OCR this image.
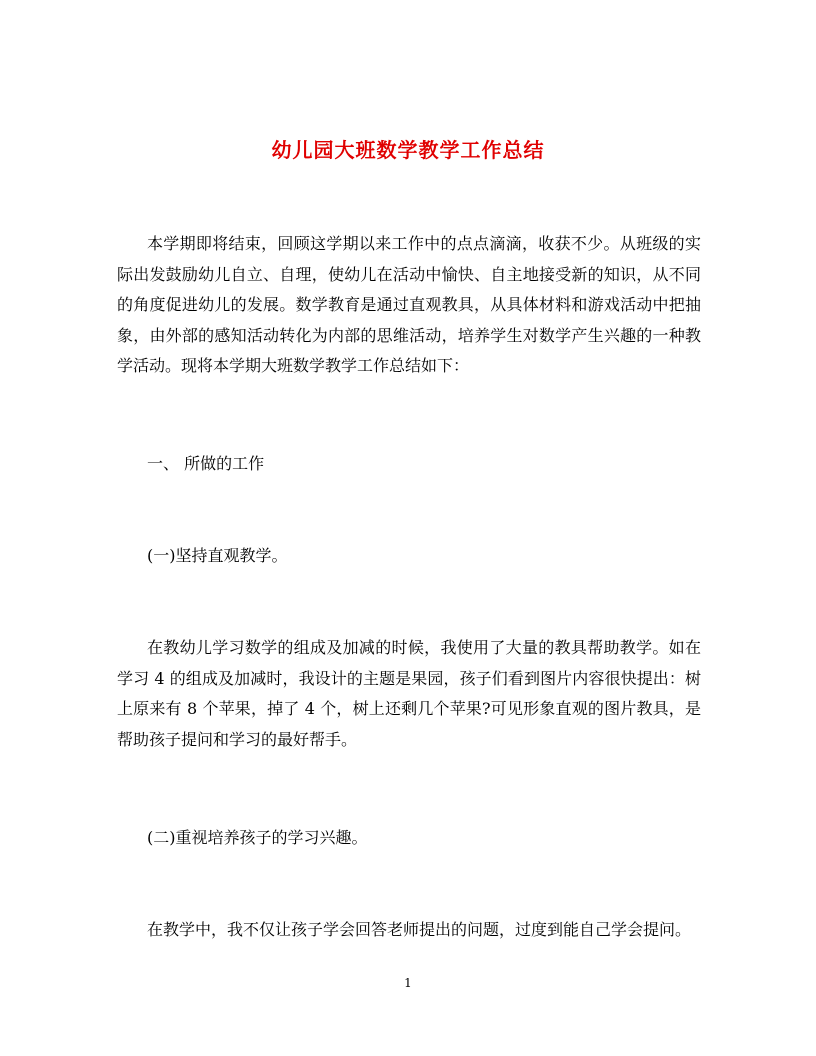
幼儿园大班数学教学工作总结

本学期即将结束，回顾这学期以来工作中的点点滴滴，收获不少。从班级的实际出发鼓励幼儿自立、自理，使幼儿在活动中愉快、自主地接受新的知识，从不同的角度促进幼儿的发展。数学教育是通过直观教具，从具体材料和游戏活动中把抽象，由外部的感知活动转化为内部的思维活动，培养学生对数学产生兴趣的一种教学活动。现将本学期大班数学教学工作总结如下：

一、 所做的工作

(一)坚持直观教学。

在教幼儿学习数学的组成及加减的时候，我使用了大量的教具帮助教学。如在学习 4 的组成及加减时，我设计的主题是果园，孩子们看到图片内容很快提出：树上原来有 8 个苹果，掉了 4 个，树上还剩几个苹果?可见形象直观的图片教具，是帮助孩子提问和学习的最好帮手。

(二)重视培养孩子的学习兴趣。

在教学中，我不仅让孩子学会回答老师提出的问题，过度到能自己学会提问。

1
